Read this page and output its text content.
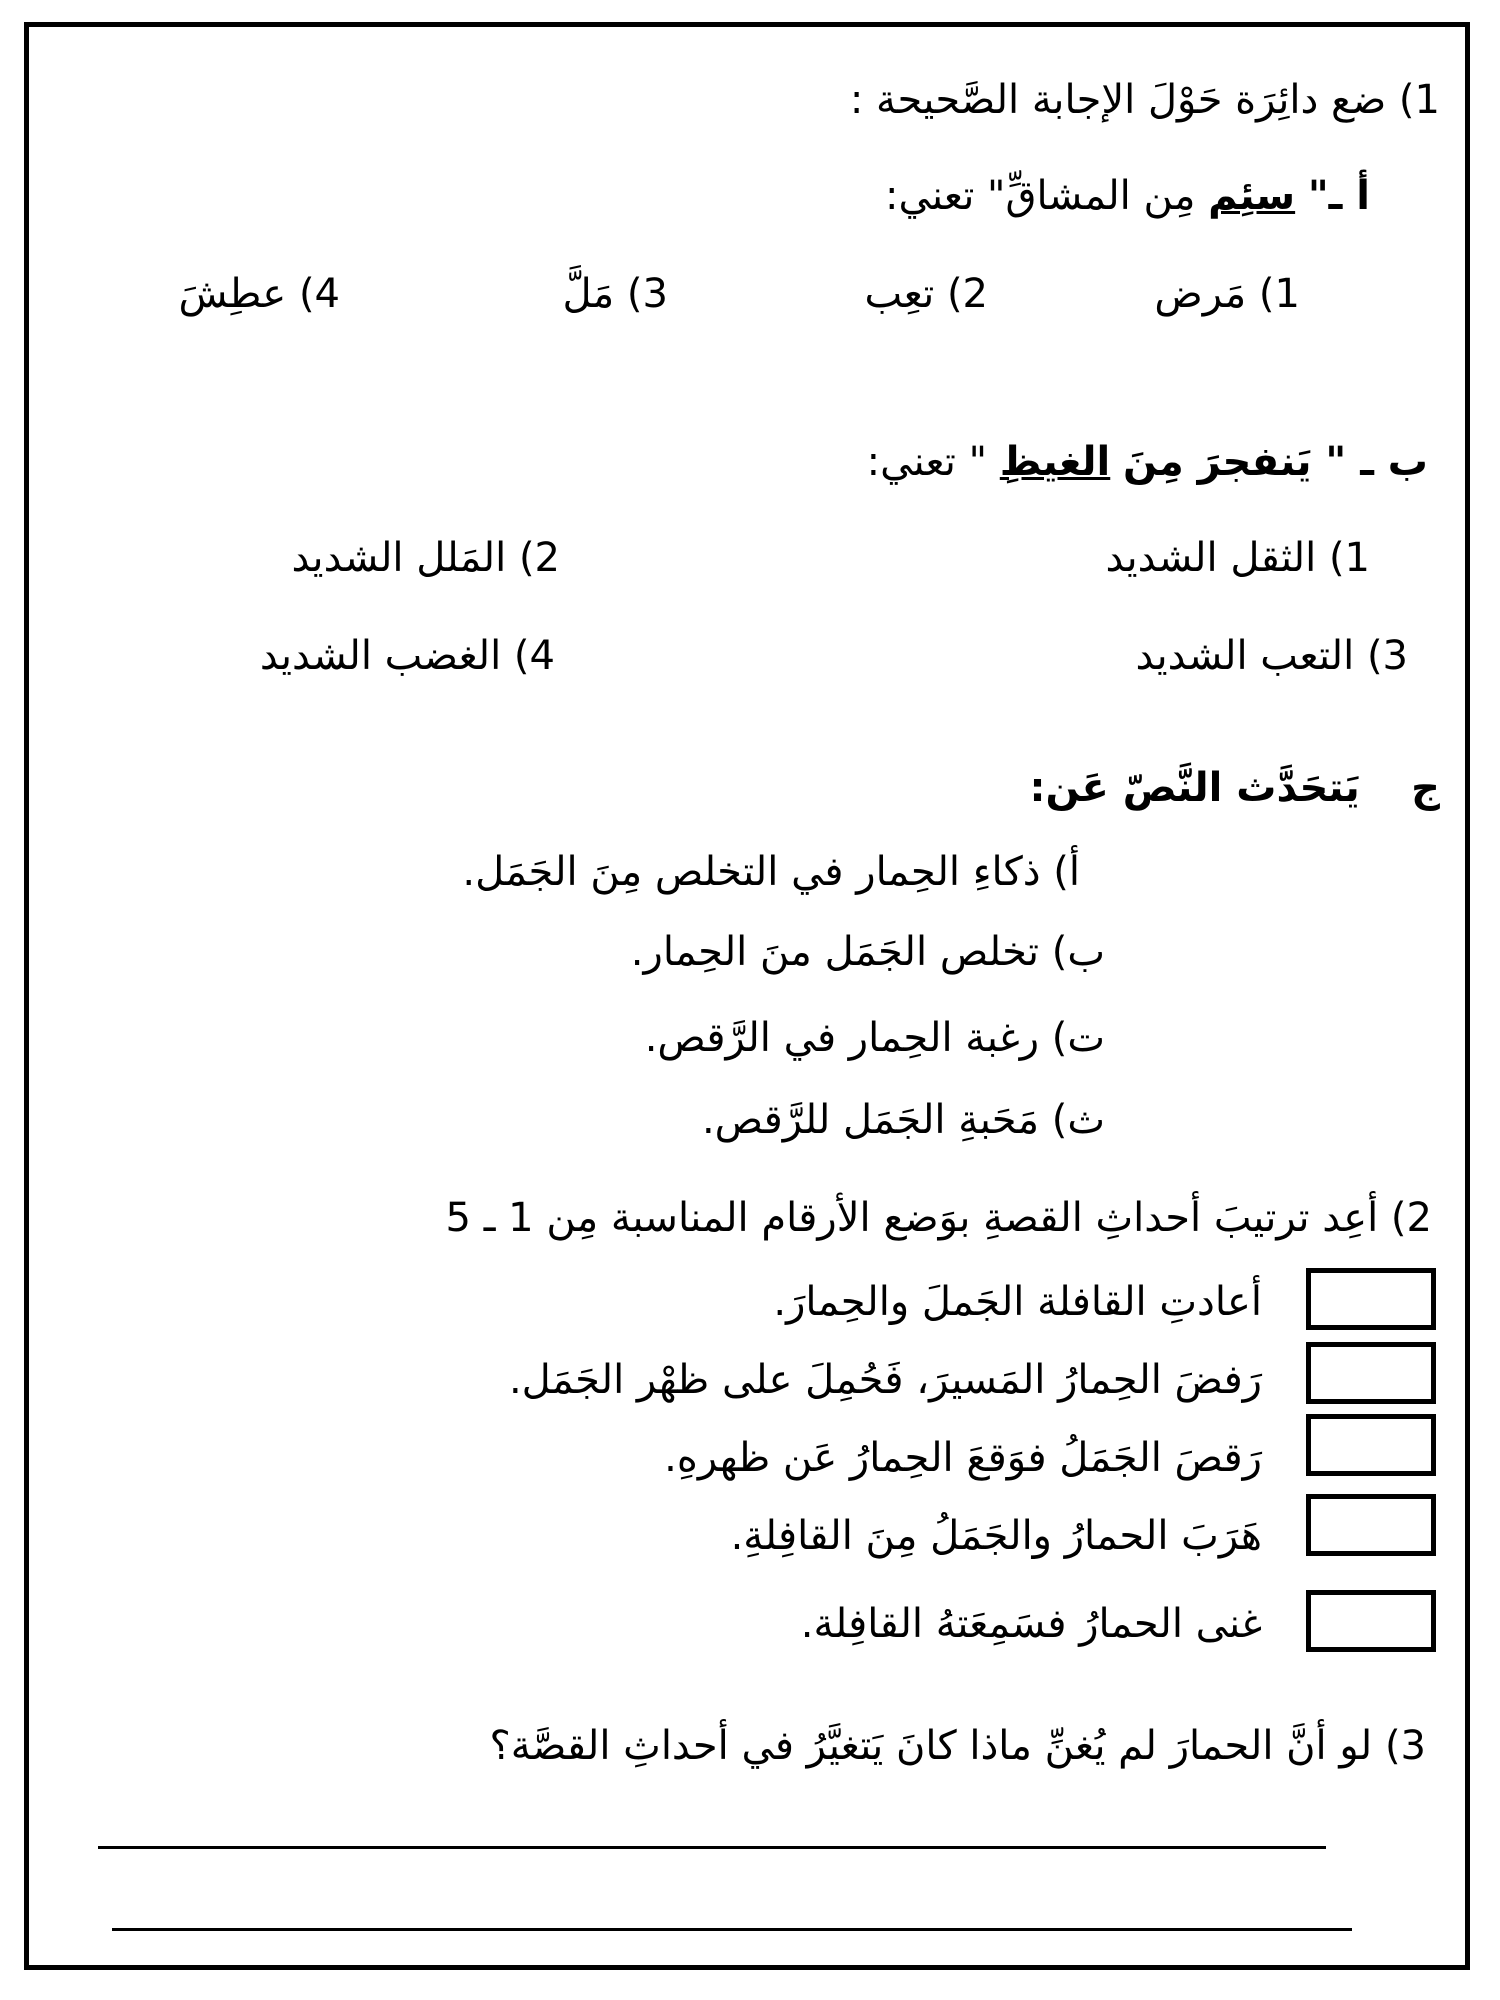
1) ضع دائِرَة حَوْلَ الإجابة الصَّحيحة :
أ ـ" سئِم مِن المشاقِّ" تعني:
1) مَرض
2) تعِب
3) مَلَّ
4) عطِشَ
ب ـ " يَنفجرَ مِنَ الغيظِ " تعني:
1) الثقل الشديد
2) المَلل الشديد
3) التعب الشديد
4) الغضب الشديد
ج  يَتحَدَّث النَّصّ عَن:
أ) ذكاءِ الحِمار في التخلص مِنَ الجَمَل.
ب) تخلص الجَمَل منَ الحِمار.
ت) رغبة الحِمار في الرَّقص.
ث) مَحَبةِ الجَمَل للرَّقص.
2) أعِد ترتيبَ أحداثِ القصةِ بوَضع الأرقام المناسبة مِن 1 ـ 5
أعادتِ القافلة الجَملَ والحِمارَ.
رَفضَ الحِمارُ المَسيرَ، فَحُمِلَ على ظهْر الجَمَل.
رَقصَ الجَمَلُ فوَقعَ الحِمارُ عَن ظهرهِ.
هَرَبَ الحمارُ والجَمَلُ مِنَ القافِلةِ.
غنى الحمارُ فسَمِعَتهُ القافِلة.
3) لو أنَّ الحمارَ لم يُغنِّ ماذا كانَ يَتغيَّرُ في أحداثِ القصَّة؟
